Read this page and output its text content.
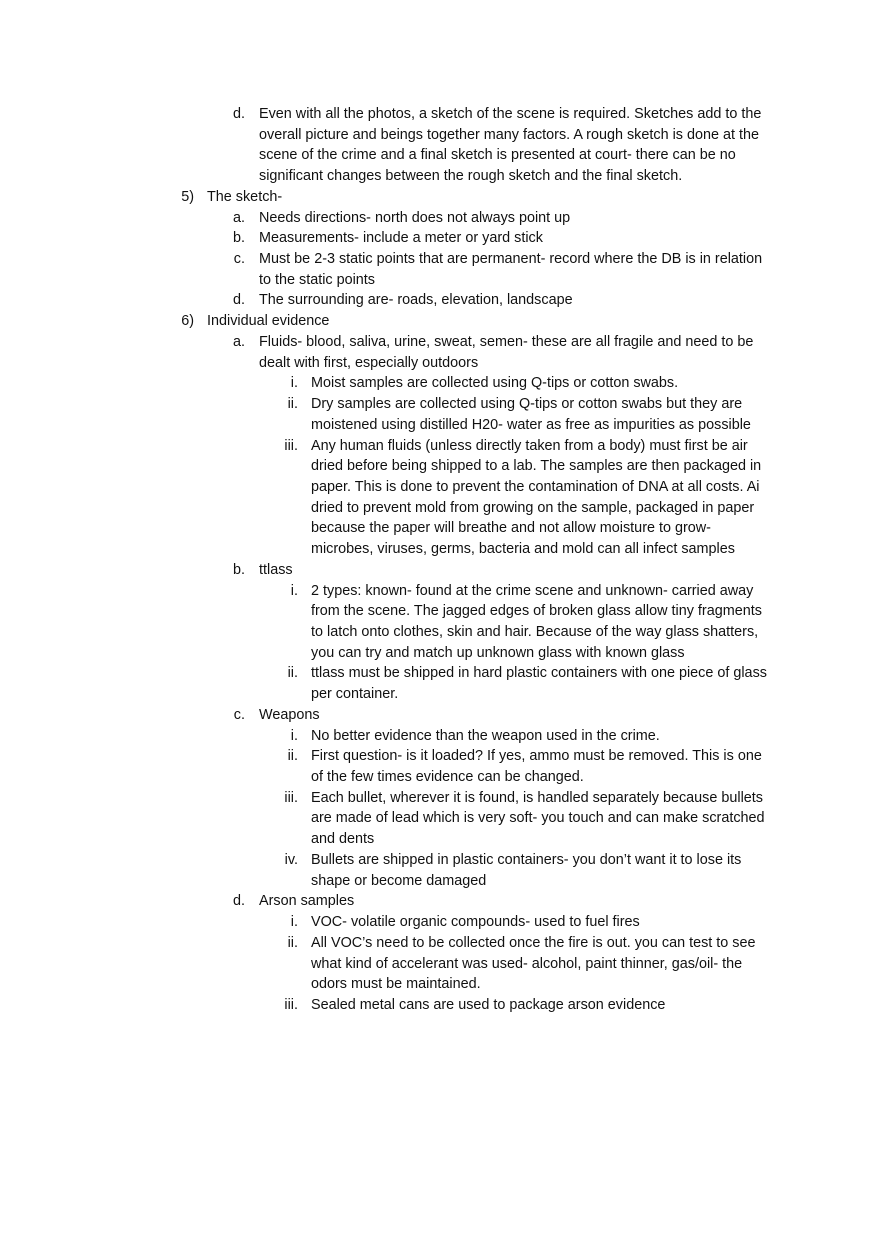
d. Even with all the photos, a sketch of the scene is required. Sketches add to the
overall picture and beings together many factors. A rough sketch is done at the
scene of the crime and a final sketch is presented at court- there can be no
significant changes between the rough sketch and the final sketch.
5) The sketch-
a. Needs directions- north does not always point up
b. Measurements- include a meter or yard stick
c. Must be 2-3 static points that are permanent- record where the DB is in relation
to the static points
d. The surrounding are- roads, elevation, landscape
6) Individual evidence
a. Fluids- blood, saliva, urine, sweat, semen- these are all fragile and need to be
dealt with first, especially outdoors
i. Moist samples are collected using Q-tips or cotton swabs.
ii. Dry samples are collected using Q-tips or cotton swabs but they are
moistened using distilled H20- water as free as impurities as possible
iii. Any human fluids (unless directly taken from a body) must first be air
dried before being shipped to a lab. The samples are then packaged in
paper. This is done to prevent the contamination of DNA at all costs. Ai
dried to prevent mold from growing on the sample, packaged in paper
because the paper will breathe and not allow moisture to grow-
microbes, viruses, germs, bacteria and mold can all infect samples
b. ttlass
i. 2 types: known- found at the crime scene and unknown- carried away
from the scene. The jagged edges of broken glass allow tiny fragments
to latch onto clothes, skin and hair. Because of the way glass shatters,
you can try and match up unknown glass with known glass
ii. ttlass must be shipped in hard plastic containers with one piece of glass
per container.
c. Weapons
i. No better evidence than the weapon used in the crime.
ii. First question- is it loaded? If yes, ammo must be removed. This is one
of the few times evidence can be changed.
iii. Each bullet, wherever it is found, is handled separately because bullets
are made of lead which is very soft- you touch and can make scratched
and dents
iv. Bullets are shipped in plastic containers- you don’t want it to lose its
shape or become damaged
d. Arson samples
i. VOC- volatile organic compounds- used to fuel fires
ii. All VOC’s need to be collected once the fire is out. you can test to see
what kind of accelerant was used- alcohol, paint thinner, gas/oil- the
odors must be maintained.
iii. Sealed metal cans are used to package arson evidence
